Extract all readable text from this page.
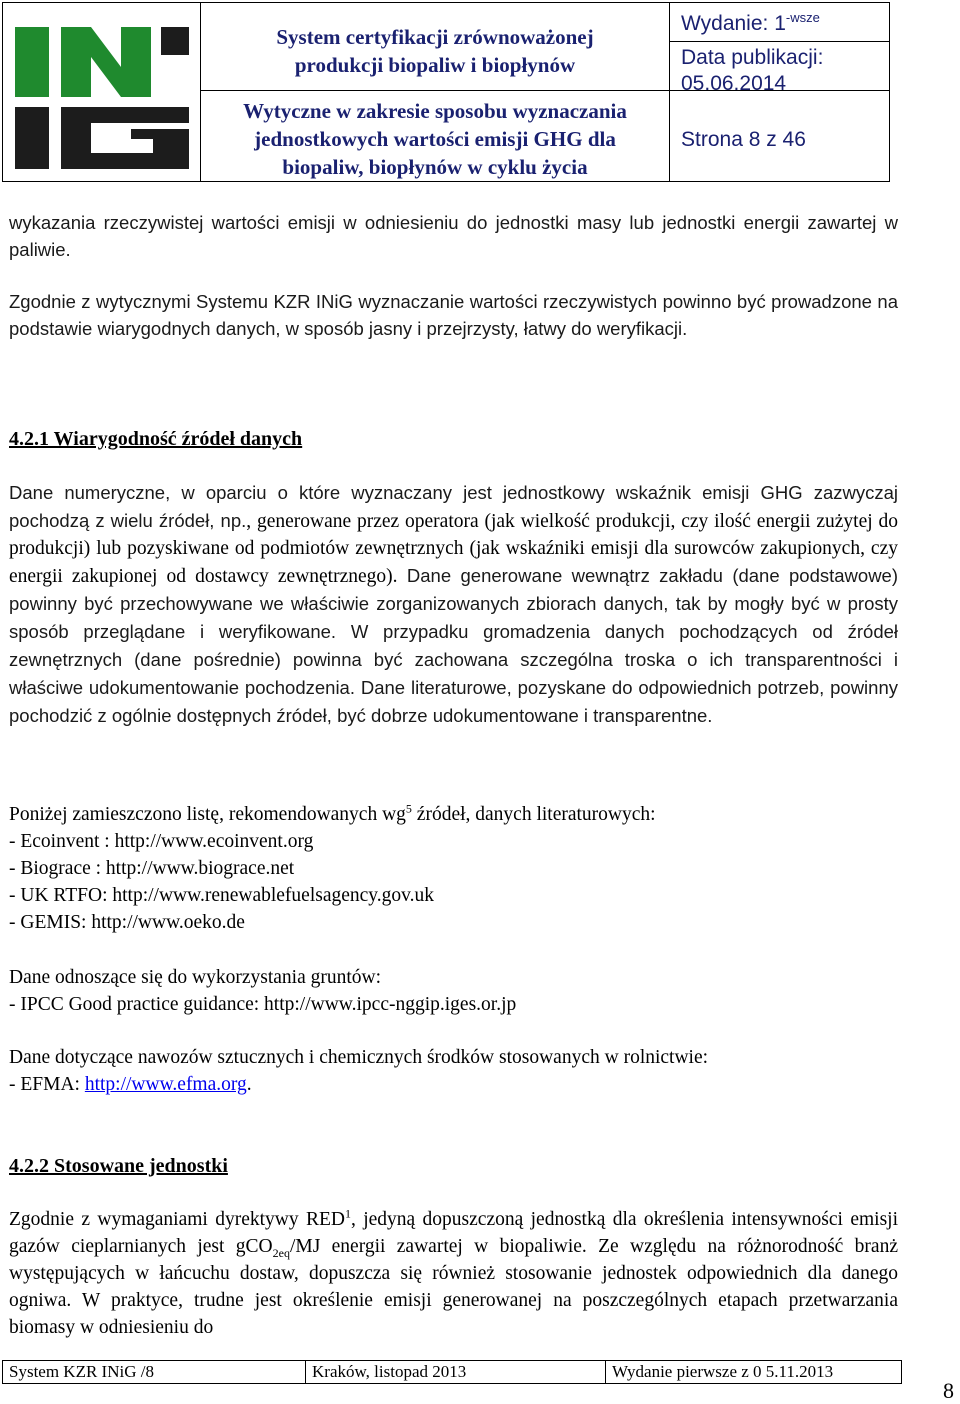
System certyfikacji zrównoważonej
produkcji biopaliw i biopłynów
Wytyczne w zakresie sposobu wyznaczania
jednostkowych wartości emisji GHG dla
biopaliw, biopłynów w cyklu życia
Wydanie: $1^{-wsze}$
Data publikacji:
05.06.2014
Strona 8 z 46
wykazania rzeczywistej wartości emisji w odniesieniu do jednostki masy lub jednostki energii zawartej w paliwie.
Zgodnie z wytycznymi Systemu KZR INiG wyznaczanie wartości rzeczywistych powinno być prowadzone na podstawie wiarygodnych danych, w sposób jasny i przejrzysty, łatwy do weryfikacji.
4.2.1 Wiarygodność źródeł danych
Dane numeryczne, w oparciu o które wyznaczany jest jednostkowy wskaźnik emisji GHG zazwyczaj pochodzą z wielu źródeł, np., generowane przez operatora (jak wielkość produkcji, czy ilość energii zużytej do produkcji) lub pozyskiwane od podmiotów zewnętrznych (jak wskaźniki emisji dla surowców zakupionych, czy energii zakupionej od dostawcy zewnętrznego). Dane generowane wewnątrz zakładu (dane podstawowe) powinny być przechowywane we właściwie zorganizowanych zbiorach danych, tak by mogły być w prosty sposób przeglądane i weryfikowane. W przypadku gromadzenia danych pochodzących od źródeł zewnętrznych (dane pośrednie) powinna być zachowana szczególna troska o ich transparentności i właściwe udokumentowanie pochodzenia. Dane literaturowe, pozyskane do odpowiednich potrzeb, powinny pochodzić z ogólnie dostępnych źródeł, być dobrze udokumentowane i transparentne.
Poniżej zamieszczono listę, rekomendowanych $wg^5$ źródeł, danych literaturowych:
- Ecoinvent : http://www.ecoinvent.org
- Biograce : http://www.biograce.net
- UK RTFO: http://www.renewablefuelsagency.gov.uk
- GEMIS: http://www.oeko.de
Dane odnoszące się do wykorzystania gruntów:
- IPCC Good practice guidance: http://www.ipcc-nggip.iges.or.jp
Dane dotyczące nawozów sztucznych i chemicznych środków stosowanych w rolnictwie:
- EFMA: http://www.efma.org.
4.2.2 Stosowane jednostki
Zgodnie z wymaganiami dyrektywy RED$^1$, jedyną dopuszczoną jednostką dla określenia intensywności emisji gazów cieplarnianych jest gCO$_{2eq}$/MJ energii zawartej w biopaliwie. Ze względu na różnorodność branż występujących w łańcuchu dostaw, dopuszcza się również stosowanie jednostek odpowiednich dla danego ogniwa. W praktyce, trudne jest określenie emisji generowanej na poszczególnych etapach przetwarzania biomasy w odniesieniu do
System KZR INiG /8	Kraków, listopad 2013	Wydanie pierwsze z 0 5.11.2013
8
